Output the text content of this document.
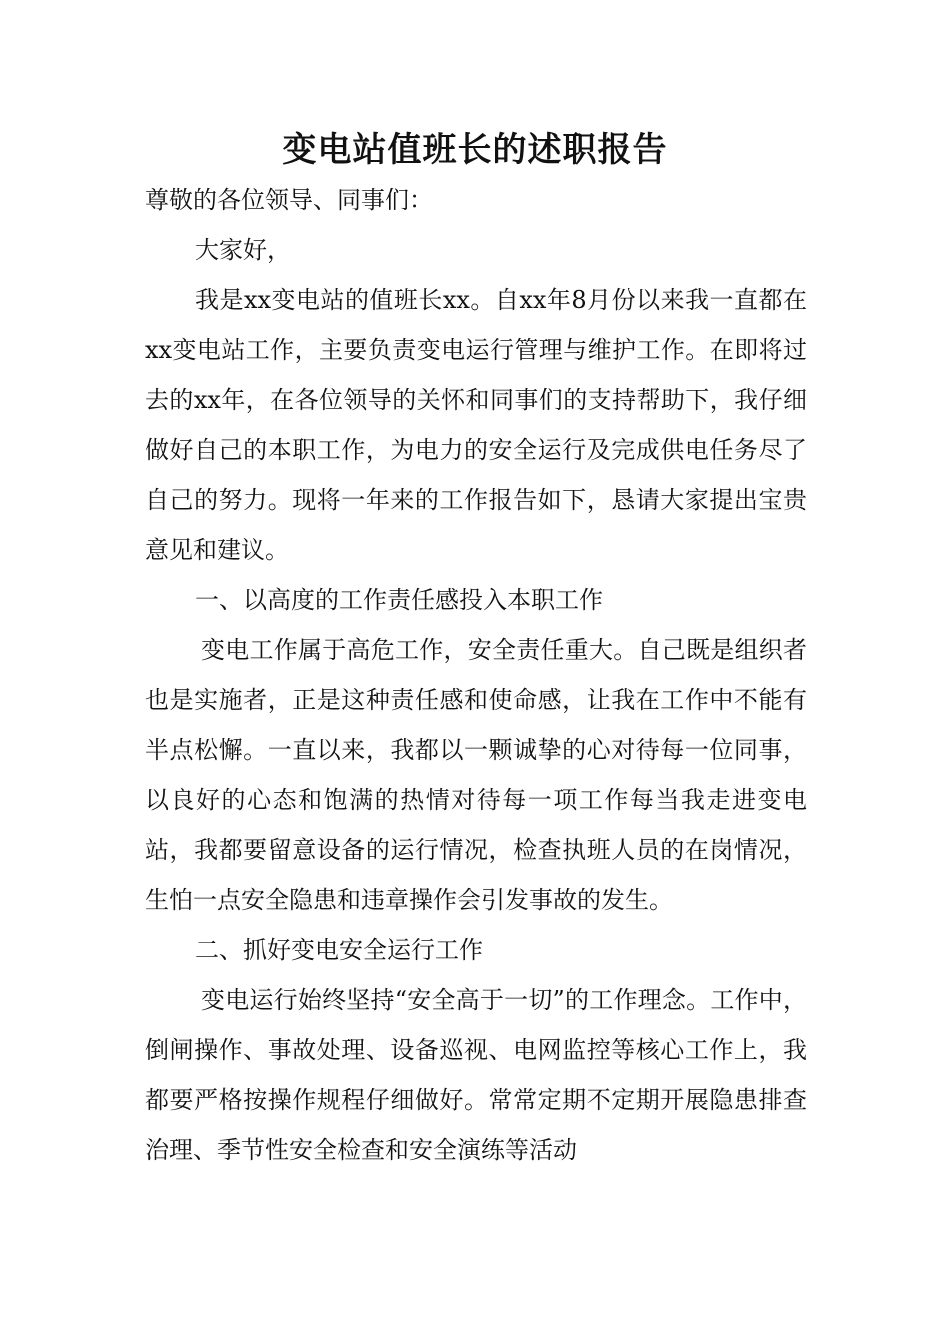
变电站值班长的述职报告

尊敬的各位领导、同事们：

大家好，

我是xx变电站的值班长xx。自xx年8月份以来我一直都在xx变电站工作，主要负责变电运行管理与维护工作。在即将过去的xx年，在各位领导的关怀和同事们的支持帮助下，我仔细做好自己的本职工作，为电力的安全运行及完成供电任务尽了自己的努力。现将一年来的工作报告如下，恳请大家提出宝贵意见和建议。

一、以高度的工作责任感投入本职工作

变电工作属于高危工作，安全责任重大。自己既是组织者也是实施者，正是这种责任感和使命感，让我在工作中不能有半点松懈。一直以来，我都以一颗诚挚的心对待每一位同事，以良好的心态和饱满的热情对待每一项工作每当我走进变电站，我都要留意设备的运行情况，检查执班人员的在岗情况，生怕一点安全隐患和违章操作会引发事故的发生。

二、抓好变电安全运行工作

变电运行始终坚持“安全高于一切”的工作理念。工作中，倒闸操作、事故处理、设备巡视、电网监控等核心工作上，我都要严格按操作规程仔细做好。常常定期不定期开展隐患排查治理、季节性安全检查和安全演练等活动
